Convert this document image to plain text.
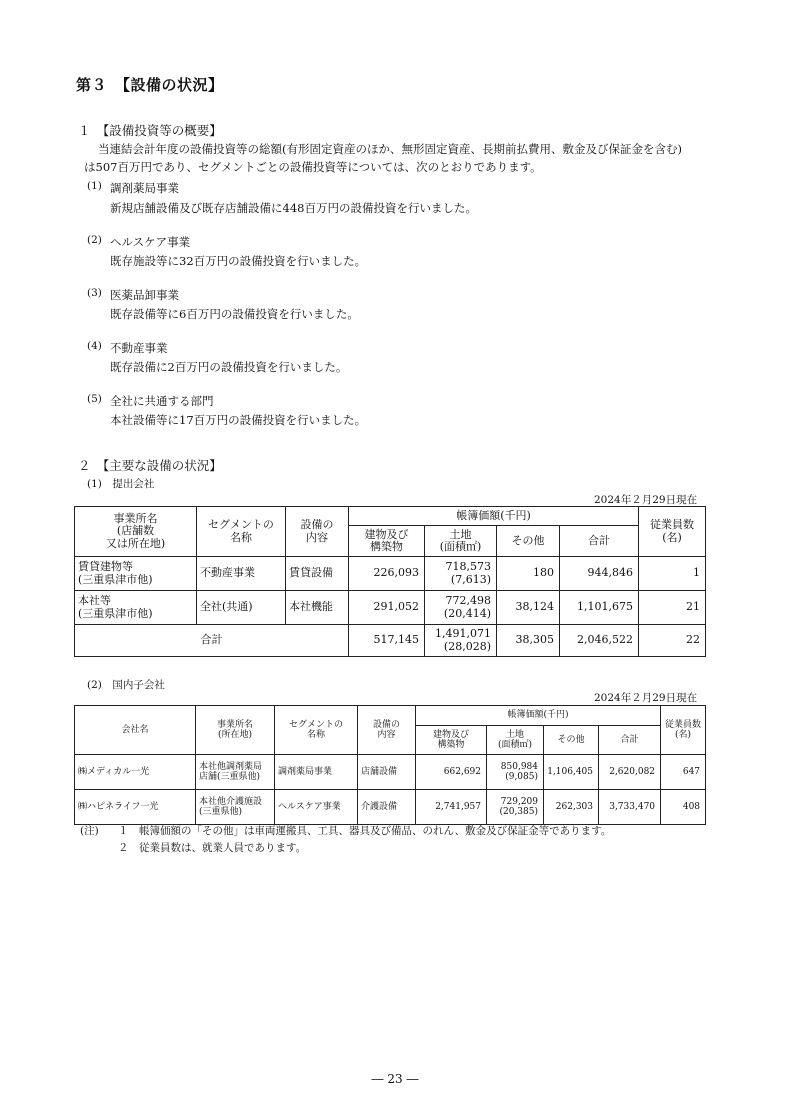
第３　【設備の状況】
１　【設備投資等の概要】
当連結会計年度の設備投資等の総額(有形固定資産のほか、無形固定資産、長期前払費用、敷金及び保証金を含む)
は507百万円であり、セグメントごとの設備投資等については、次のとおりであります。
(1) 調剤薬局事業
新規店舗設備及び既存店舗設備に448百万円の設備投資を行いました。
(2) ヘルスケア事業
既存施設等に32百万円の設備投資を行いました。
(3) 医薬品卸事業
既存設備等に6百万円の設備投資を行いました。
(4) 不動産事業
既存設備に2百万円の設備投資を行いました。
(5) 全社に共通する部門
本社設備等に17百万円の設備投資を行いました。
２　【主要な設備の状況】
(1)　提出会社
2024年２月29日現在
事業所名
(店舗数
又は所在地)	セグメントの
名称	設備の
内容	帳簿価額(千円)				従業員数
(名)
			建物及び
構築物	土地
(面積㎡)	その他	合計	
賃貸建物等
(三重県津市他)	不動産事業	賃貸設備	226,093	718,573
(7,613)	180	944,846	1
本社等
(三重県津市他)	全社(共通)	本社機能	291,052	772,498
(20,414)	38,124	1,101,675	21
合計			517,145	1,491,071
(28,028)	38,305	2,046,522	22
(2)　国内子会社
2024年２月29日現在
会社名	事業所名
(所在地)	セグメントの
名称	設備の
内容	帳簿価額(千円)				従業員数
(名)
				建物及び
構築物	土地
(面積㎡)	その他	合計	
㈱メディカル一光	本社他調剤薬局
店舗(三重県他)	調剤薬局事業	店舗設備	662,692	850,984
(9,085)	1,106,405	2,620,082	647
㈱ハピネライフ一光	本社他介護施設
(三重県他)	ヘルスケア事業	介護設備	2,741,957	729,209
(20,385)	262,303	3,733,470	408
(注) １　帳簿価額の「その他」は車両運搬具、工具、器具及び備品、のれん、敷金及び保証金等であります。
２　従業員数は、就業人員であります。
― 23 ―
